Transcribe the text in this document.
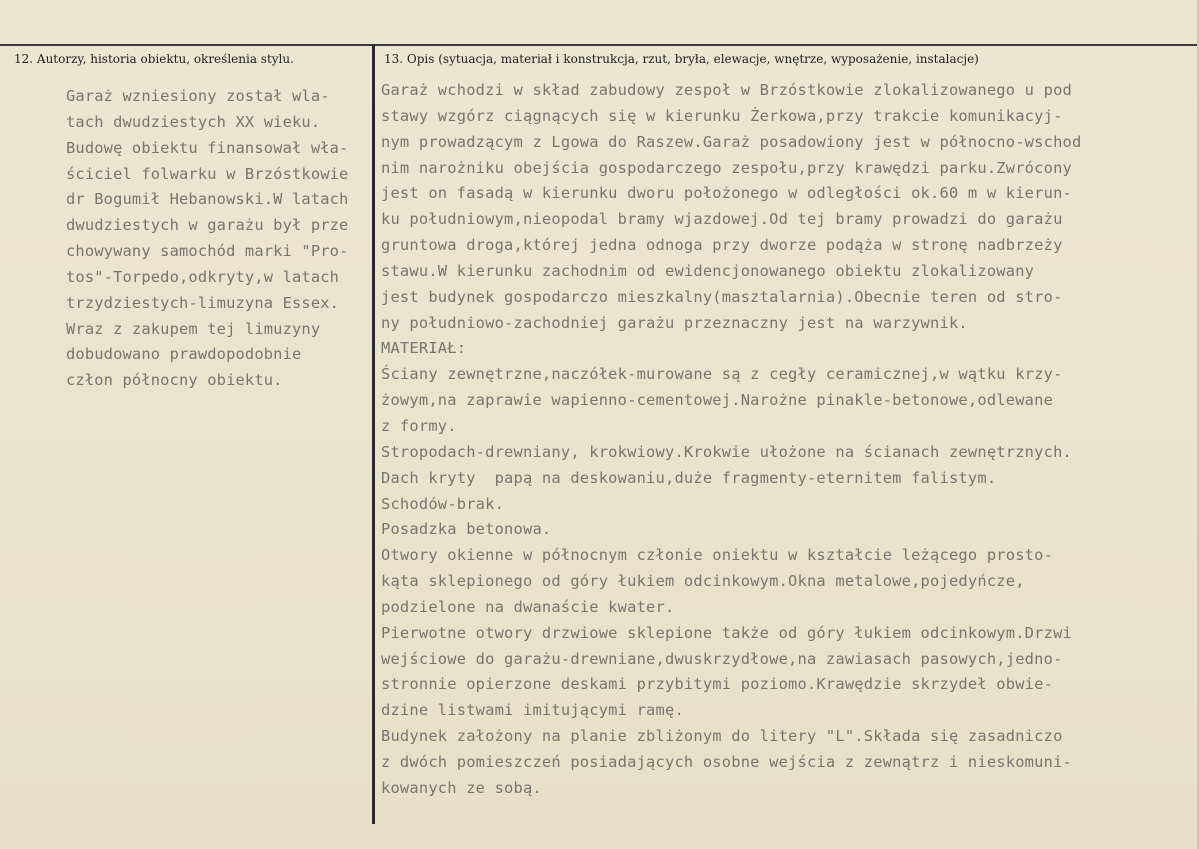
12. Autorzy, historia obiektu, określenia stylu.	13. Opis (sytuacja, materiał i konstrukcja, rzut, bryła, elewacje, wnętrze, wyposażenie, instalacje)
Garaż wzniesiony został wla-
tach dwudziestych XX wieku.
Budowę obiektu finansował wła-
ściciel folwarku w Brzóstkowie
dr Bogumił Hebanowski.W latach
dwudziestych w garażu był prze
chowywany samochód marki "Pro-
tos"-Torpedo,odkryty,w latach
trzydziestych-limuzyna Essex.
Wraz z zakupem tej limuzyny
dobudowano prawdopodobnie
człon północny obiektu.
Garaż wchodzi w skład zabudowy zespoł w Brzóstkowie zlokalizowanego u pod
stawy wzgórz ciągnących się w kierunku Żerkowa,przy trakcie komunikacyj-
nym prowadzącym z Lgowa do Raszew.Garaż posadowiony jest w północno-wschod
nim narożniku obejścia gospodarczego zespołu,przy krawędzi parku.Zwrócony
jest on fasadą w kierunku dworu położonego w odległości ok.60 m w kierun-
ku południowym,nieopodal bramy wjazdowej.Od tej bramy prowadzi do garażu
gruntowa droga,której jedna odnoga przy dworze podąża w stronę nadbrzeży
stawu.W kierunku zachodnim od ewidencjonowanego obiektu zlokalizowany
jest budynek gospodarczo mieszkalny(masztalarnia).Obecnie teren od stro-
ny południowo-zachodniej garażu przeznaczny jest na warzywnik.
MATERIAŁ:
Ściany zewnętrzne,naczółek-murowane są z cegły ceramicznej,w wątku krzy-
żowym,na zaprawie wapienno-cementowej.Narożne pinakle-betonowe,odlewane
z formy.
Stropodach-drewniany, krokwiowy.Krokwie ułożone na ścianach zewnętrznych.
Dach kryty  papą na deskowaniu,duże fragmenty-eternitem falistym.
Schodów-brak.
Posadzka betonowa.
Otwory okienne w północnym członie oniektu w kształcie leżącego prosto-
kąta sklepionego od góry łukiem odcinkowym.Okna metalowe,pojedyńcze,
podzielone na dwanaście kwater.
Pierwotne otwory drzwiowe sklepione także od góry łukiem odcinkowym.Drzwi
wejściowe do garażu-drewniane,dwuskrzydłowe,na zawiasach pasowych,jedno-
stronnie opierzone deskami przybitymi poziomo.Krawędzie skrzydeł obwie-
dzine listwami imitującymi ramę.
Budynek założony na planie zbliżonym do litery "L".Składa się zasadniczo
z dwóch pomieszczeń posiadających osobne wejścia z zewnątrz i nieskomuni-
kowanych ze sobą.
